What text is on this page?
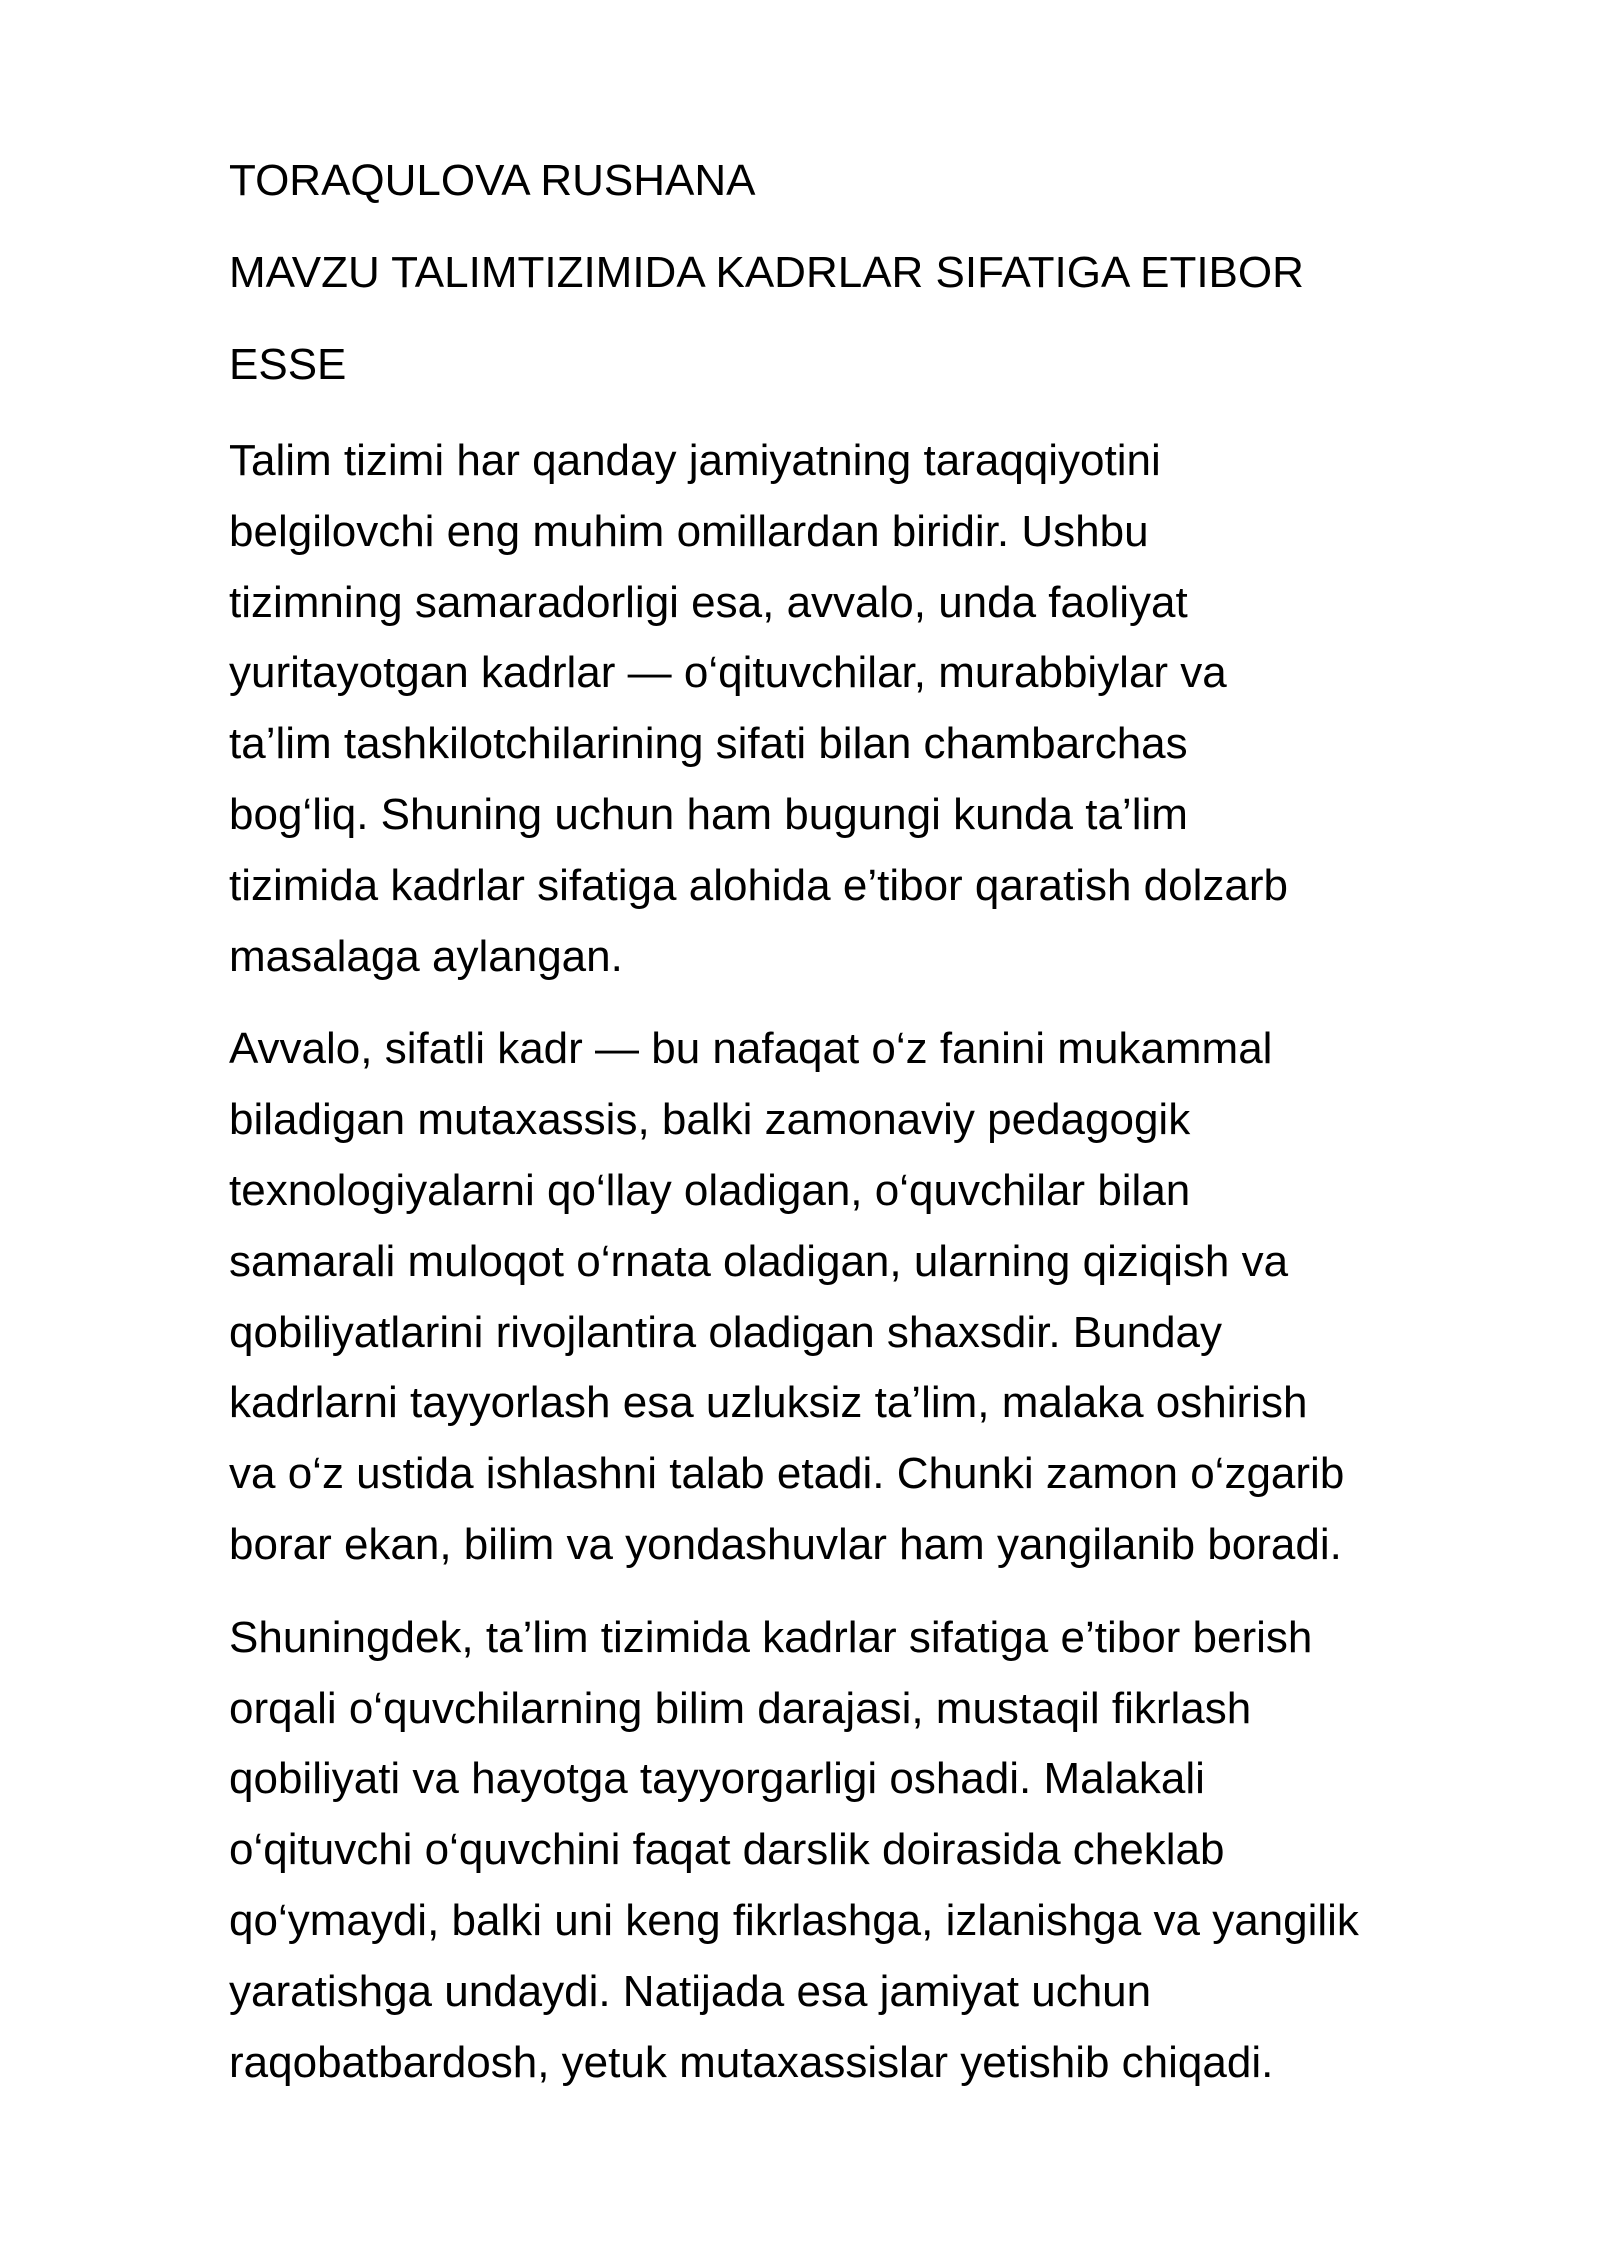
TORAQULOVA RUSHANA
MAVZU TALIMTIZIMIDA KADRLAR SIFATIGA ETIBOR
ESSE

Talim tizimi har qanday jamiyatning taraqqiyotini
belgilovchi eng muhim omillardan biridir. Ushbu
tizimning samaradorligi esa, avvalo, unda faoliyat
yuritayotgan kadrlar — o‘qituvchilar, murabbiylar va
ta’lim tashkilotchilarining sifati bilan chambarchas
bog‘liq. Shuning uchun ham bugungi kunda ta’lim
tizimida kadrlar sifatiga alohida e’tibor qaratish dolzarb
masalaga aylangan.

Avvalo, sifatli kadr — bu nafaqat o‘z fanini mukammal
biladigan mutaxassis, balki zamonaviy pedagogik
texnologiyalarni qo‘llay oladigan, o‘quvchilar bilan
samarali muloqot o‘rnata oladigan, ularning qiziqish va
qobiliyatlarini rivojlantira oladigan shaxsdir. Bunday
kadrlarni tayyorlash esa uzluksiz ta’lim, malaka oshirish
va o‘z ustida ishlashni talab etadi. Chunki zamon o‘zgarib
borar ekan, bilim va yondashuvlar ham yangilanib boradi.

Shuningdek, ta’lim tizimida kadrlar sifatiga e’tibor berish
orqali o‘quvchilarning bilim darajasi, mustaqil fikrlash
qobiliyati va hayotga tayyorgarligi oshadi. Malakali
o‘qituvchi o‘quvchini faqat darslik doirasida cheklab
qo‘ymaydi, balki uni keng fikrlashga, izlanishga va yangilik
yaratishga undaydi. Natijada esa jamiyat uchun
raqobatbardosh, yetuk mutaxassislar yetishib chiqadi.
